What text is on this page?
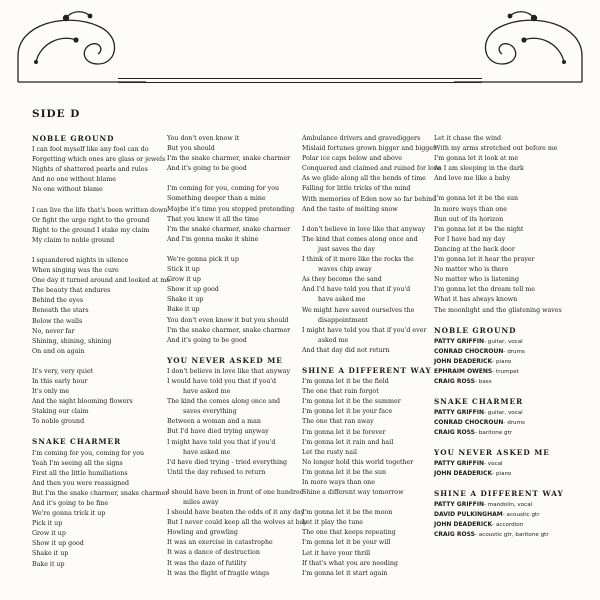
SIDE D
NOBLE GROUND
I can fool myself like any fool can do
Forgetting which ones are glass or jewels
Nights of shattered pearls and rules
And no one without blame
No one without blame
I can live the life that's been written down
Or fight the urge right to the ground
Right to the ground I stake my claim
My claim to noble ground
I squandered nights in silence
When singing was the cure
One day it turned around and looked at me
The beauty that endures
Behind the eyes
Beneath the stars
Below the walls
No, never far
Shining, shining, shining
On and on again
It's very, very quiet
In this early hour
It's only me
And the night blooming flowers
Staking our claim
To noble ground
SNAKE CHARMER
I'm coming for you, coming for you
Yeah I'm seeing all the signs
First all the little humiliations
And then you were reassigned
But I'm the snake charmer, snake charmer
And it's going to be fine
We're gonna trick it up
Pick it up
Grow it up
Show it up good
Shake it up
Bake it up
You don't even know it
But you should
I'm the snake charmer, snake charmer
And it's going to be good
I'm coming for you, coming for you
Something deeper than a mine
Maybe it's time you stopped pretending
That you knew it all the time
I'm the snake charmer, snake charmer
And I'm gonna make it shine
We're gonna pick it up
Stick it up
Grow it up
Show it up good
Shake it up
Bake it up
You don't even know it but you should
I'm the snake charmer, snake charmer
And it's going to be good
YOU NEVER ASKED ME
I don't believe in love like that anyway
I would have told you that if you'd
have asked me
The kind the comes along once and
saves everything
Between a woman and a man
But I'd have died trying anyway
I might have told you that if you'd
have asked me
I'd have died trying - tried everything
Until the day refused to return
I should have been in front of one hundred
miles away
I should have beaten the odds of it any day
But I never could keep all the wolves at bay
Howling and growling
It was an exercise in catastrophe
It was a dance of destruction
It was the daze of futility
It was the flight of fragile wings
Ambulance drivers and gravediggers
Mislaid fortunes grown bigger and bigger
Polar ice caps below and above
Conquered and claimed and ruined for love
As we glide along all the bends of time
Falling for little tricks of the mind
With memories of Eden now so far behind
And the taste of melting snow
I don't believe in love like that anyway
The kind that comes along once and
just saves the day
I think of it more like the rocks the
waves chip away
As they become the sand
And I'd have told you that if you'd
have asked me
We might have saved ourselves the
disappointment
I might have told you that if you'd ever
asked me
And that day did not return
SHINE A DIFFERENT WAY
I'm gonna let it be the field
The one that rain forgot
I'm gonna let it be the summer
I'm gonna let it be your face
The one that ran away
I'm gonna let it be forever
I'm gonna let it rain and hail
Let the rusty nail
No longer hold this world together
I'm gonna let it be the sun
In more ways than one
Shine a different way tomorrow
I'm gonna let it be the moon
Let it play the tune
The one that keeps repeating
I'm gonna let it be your will
Let it have your thrill
If that's what you are needing
I'm gonna let it start again
Let it chase the wind
With my arms stretched out before me
I'm gonna let it look at me
As I am sleeping in the dark
And love me like a baby
I'm gonna let it be the sun
In more ways than one
Run out of its horizon
I'm gonna let it be the night
For I have had my day
Dancing at the back door
I'm gonna let it hear the prayer
No matter who is there
No matter who is listening
I'm gonna let the dream tell me
What it has always known
The moonlight and the glistening waves
NOBLE GROUND
PATTY GRIFFIN- guitar, vocal
CONRAD CHOCROUN- drums
JOHN DEADERICK- piano
EPHRAIM OWENS- trumpet
CRAIG ROSS- bass
SNAKE CHARMER
PATTY GRIFFIN- guitar, vocal
CONRAD CHOCROUN- drums
CRAIG ROSS- baritone gtr
YOU NEVER ASKED ME
PATTY GRIFFIN- vocal
JOHN DEADERICK- piano
SHINE A DIFFERENT WAY
PATTY GRIFFIN- mandolin, vocal
DAVID PULKINGHAM- acoustic gtr
JOHN DEADERICK- accordion
CRAIG ROSS- acoustic gtr, baritone gtr
